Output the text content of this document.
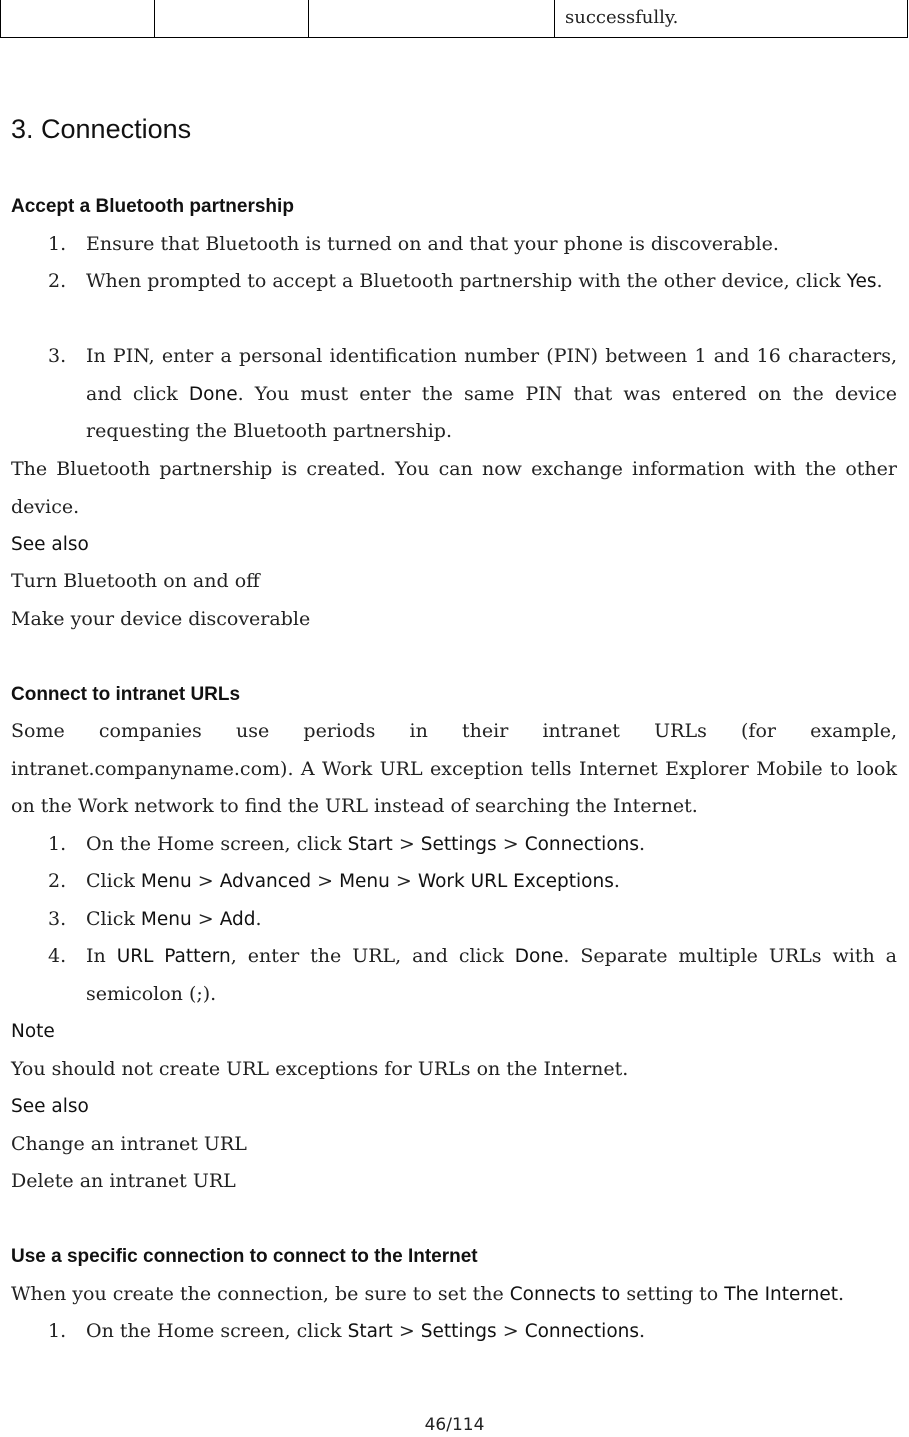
			successfully.
3. Connections
Accept a Bluetooth partnership

1. Ensure that Bluetooth is turned on and that your phone is discoverable.

2. When prompted to accept a Bluetooth partnership with the other device, click Yes.

3. In PIN, enter a personal identification number (PIN) between 1 and 16 characters, and click Done. You must enter the same PIN that was entered on the device requesting the Bluetooth partnership.

The Bluetooth partnership is created. You can now exchange information with the other device.

See also

Turn Bluetooth on and off

Make your device discoverable

Connect to intranet URLs

Some companies use periods in their intranet URLs (for example, intranet.companyname.com). A Work URL exception tells Internet Explorer Mobile to look on the Work network to find the URL instead of searching the Internet.

1. On the Home screen, click Start > Settings > Connections.

2. Click Menu > Advanced > Menu > Work URL Exceptions.

3. Click Menu > Add.

4. In URL Pattern, enter the URL, and click Done. Separate multiple URLs with a semicolon (;).

Note

You should not create URL exceptions for URLs on the Internet.

See also

Change an intranet URL

Delete an intranet URL

Use a specific connection to connect to the Internet

When you create the connection, be sure to set the Connects to setting to The Internet.

1. On the Home screen, click Start > Settings > Connections.

46/114
